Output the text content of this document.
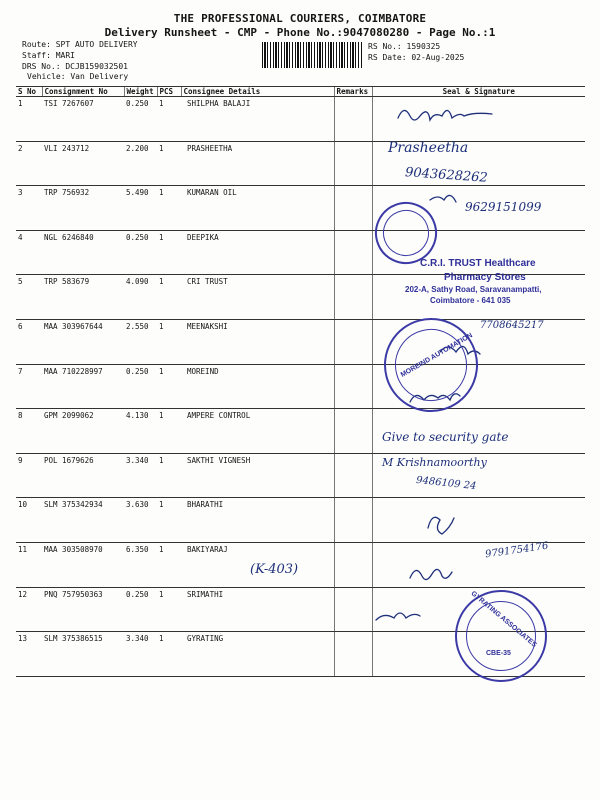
THE PROFESSIONAL COURIERS, COIMBATORE
Delivery Runsheet - CMP - Phone No.:9047080280 - Page No.:1
Route: SPT AUTO DELIVERY
Staff: MARI
DRS No.: DCJB159032501
Vehicle: Van Delivery
RS No.: 1590325
RS Date: 02-Aug-2025
S No	Consignment No	Weight	PCS	Consignee Details	Remarks	Seal & Signature
1	TSI 7267607	0.250	1	SHILPHA BALAJI		
2	VLI 243712	2.200	1	PRASHEETHA		
3	TRP 756932	5.490	1	KUMARAN OIL		
4	NGL 6246840	0.250	1	DEEPIKA		
5	TRP 583679	4.090	1	CRI TRUST		
6	MAA 303967644	2.550	1	MEENAKSHI		
7	MAA 710228997	0.250	1	MOREIND		
8	GPM 2099062	4.130	1	AMPERE CONTROL		
9	POL 1679626	3.340	1	SAKTHI VIGNESH		
10	SLM 375342934	3.630	1	BHARATHI		
11	MAA 303508970	6.350	1	BAKIYARAJ		
12	PNQ 757950363	0.250	1	SRIMATHI		
13	SLM 375386515	3.340	1	GYRATING		
Prasheetha
9043628262
9629151099
7708645217
Give to security gate
M Krishnamoorthy
9486109 24
9791754176
(K-403)
C.R.I. TRUST Healthcare
Pharmacy Stores
202-A, Sathy Road, Saravanampatti,
Coimbatore - 641 035
MOREIND AUTOMATION
GYRATING ASSOCIATES
CBE-35
